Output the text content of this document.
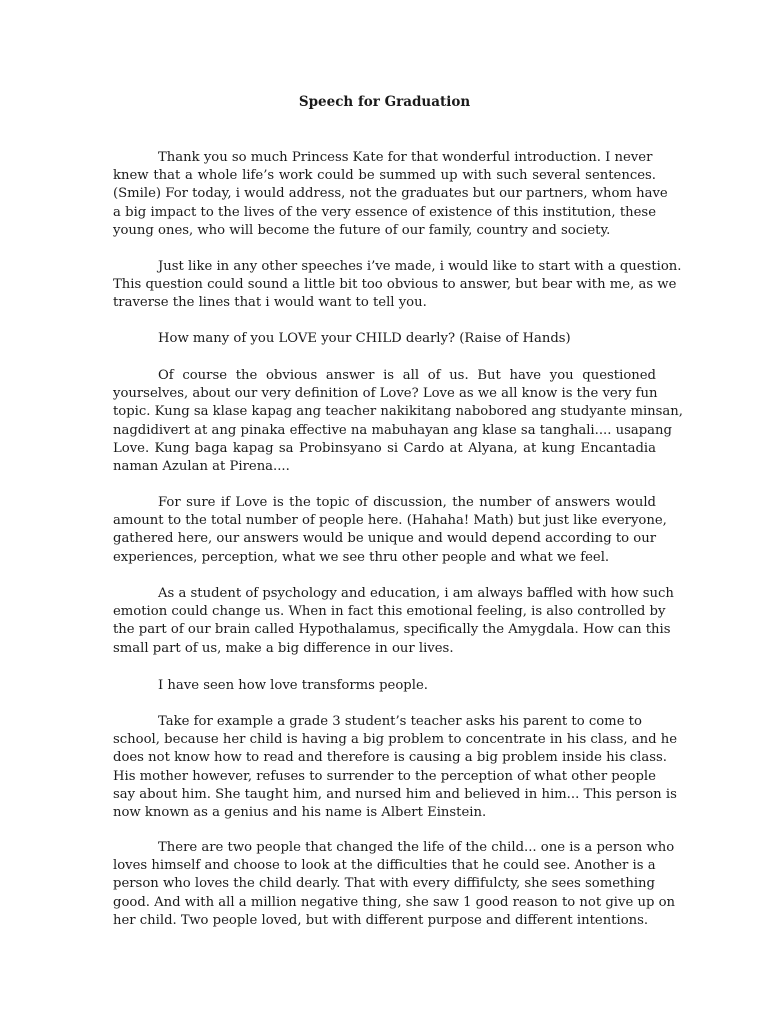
Speech for Graduation
Thank you so much Princess Kate for that wonderful introduction. I never
knew that a whole life’s work could be summed up with such several sentences.
(Smile) For today, i would address, not the graduates but our partners, whom have
a big impact to the lives of the very essence of existence of this institution, these
young ones, who will become the future of our family, country and society.
Just like in any other speeches i’ve made, i would like to start with a question.
This question could sound a little bit too obvious to answer, but bear with me, as we
traverse the lines that i would want to tell you.
How many of you LOVE your CHILD dearly? (Raise of Hands)
Of course the obvious answer is all of us. But have you questioned
yourselves, about our very definition of Love? Love as we all know is the very fun
topic. Kung sa klase kapag ang teacher nakikitang nabobored ang studyante minsan,
nagdidivert at ang pinaka effective na mabuhayan ang klase sa tanghali.... usapang
Love. Kung baga kapag sa Probinsyano si Cardo at Alyana, at kung Encantadia
naman Azulan at Pirena....
For sure if Love is the topic of discussion, the number of answers would
amount to the total number of people here. (Hahaha! Math) but just like everyone,
gathered here, our answers would be unique and would depend according to our
experiences, perception, what we see thru other people and what we feel.
As a student of psychology and education, i am always baffled with how such
emotion could change us. When in fact this emotional feeling, is also controlled by
the part of our brain called Hypothalamus, specifically the Amygdala. How can this
small part of us, make a big difference in our lives.
I have seen how love transforms people.
Take for example a grade 3 student’s teacher asks his parent to come to
school, because her child is having a big problem to concentrate in his class, and he
does not know how to read and therefore is causing a big problem inside his class.
His mother however, refuses to surrender to the perception of what other people
say about him. She taught him, and nursed him and believed in him... This person is
now known as a genius and his name is Albert Einstein.
There are two people that changed the life of the child... one is a person who
loves himself and choose to look at the difficulties that he could see. Another is a
person who loves the child dearly. That with every diffifulcty, she sees something
good. And with all a million negative thing, she saw 1 good reason to not give up on
her child. Two people loved, but with different purpose and different intentions.
